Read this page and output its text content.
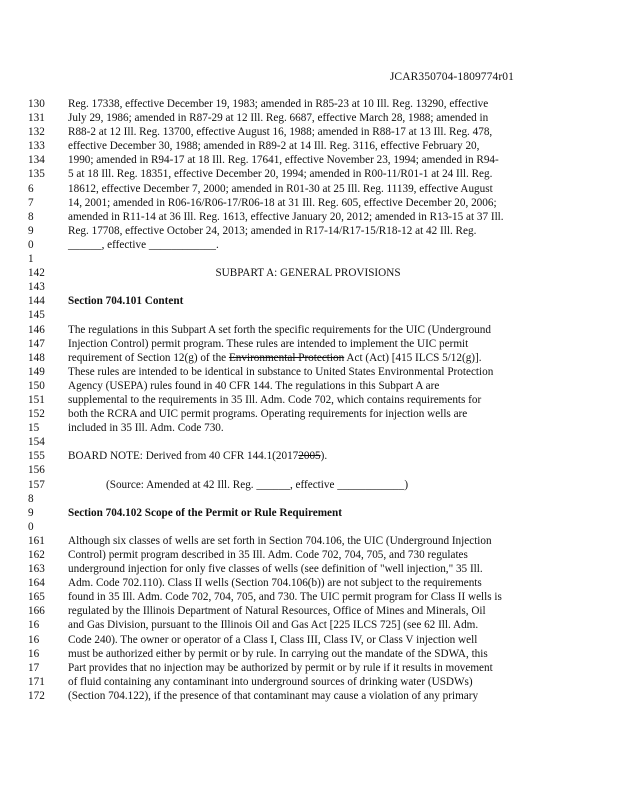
JCAR350704-1809774r01
130	Reg. 17338, effective December 19, 1983; amended in R85-23 at 10 Ill. Reg. 13290, effective
131	July 29, 1986; amended in R87-29 at 12 Ill. Reg. 6687, effective March 28, 1988; amended in
132	R88-2 at 12 Ill. Reg. 13700, effective August 16, 1988; amended in R88-17 at 13 Ill. Reg. 478,
133	effective December 30, 1988; amended in R89-2 at 14 Ill. Reg. 3116, effective February 20,
134	1990; amended in R94-17 at 18 Ill. Reg. 17641, effective November 23, 1994; amended in R94-
135	5 at 18 Ill. Reg. 18351, effective December 20, 1994; amended in R00-11/R01-1 at 24 Ill. Reg.
6	18612, effective December 7, 2000; amended in R01-30 at 25 Ill. Reg. 11139, effective August
7	14, 2001; amended in R06-16/R06-17/R06-18 at 31 Ill. Reg. 605, effective December 20, 2006;
8	amended in R11-14 at 36 Ill. Reg. 1613, effective January 20, 2012; amended in R13-15 at 37 Ill.
9	Reg. 17708, effective October 24, 2013; amended in R17-14/R17-15/R18-12 at 42 Ill. Reg.
0	______, effective ____________.
1
142	SUBPART A: GENERAL PROVISIONS
143
144	Section 704.101 Content
145
146	The regulations in this Subpart A set forth the specific requirements for the UIC (Underground
147	Injection Control) permit program. These rules are intended to implement the UIC permit
148	requirement of Section 12(g) of the Environmental Protection Act (Act) [415 ILCS 5/12(g)].
149	These rules are intended to be identical in substance to United States Environmental Protection
150	Agency (USEPA) rules found in 40 CFR 144. The regulations in this Subpart A are
151	supplemental to the requirements in 35 Ill. Adm. Code 702, which contains requirements for
152	both the RCRA and UIC permit programs. Operating requirements for injection wells are
15	included in 35 Ill. Adm. Code 730.
154
155	BOARD NOTE: Derived from 40 CFR 144.1(20172005).
156
157	(Source: Amended at 42 Ill. Reg. ______, effective ____________)
8
9	Section 704.102 Scope of the Permit or Rule Requirement
0
161	Although six classes of wells are set forth in Section 704.106, the UIC (Underground Injection
162	Control) permit program described in 35 Ill. Adm. Code 702, 704, 705, and 730 regulates
163	underground injection for only five classes of wells (see definition of "well injection," 35 Ill.
164	Adm. Code 702.110). Class II wells (Section 704.106(b)) are not subject to the requirements
165	found in 35 Ill. Adm. Code 702, 704, 705, and 730. The UIC permit program for Class II wells is
166	regulated by the Illinois Department of Natural Resources, Office of Mines and Minerals, Oil
16	and Gas Division, pursuant to the Illinois Oil and Gas Act [225 ILCS 725] (see 62 Ill. Adm.
16	Code 240). The owner or operator of a Class I, Class III, Class IV, or Class V injection well
16	must be authorized either by permit or by rule. In carrying out the mandate of the SDWA, this
17	Part provides that no injection may be authorized by permit or by rule if it results in movement
171	of fluid containing any contaminant into underground sources of drinking water (USDWs)
172	(Section 704.122), if the presence of that contaminant may cause a violation of any primary
